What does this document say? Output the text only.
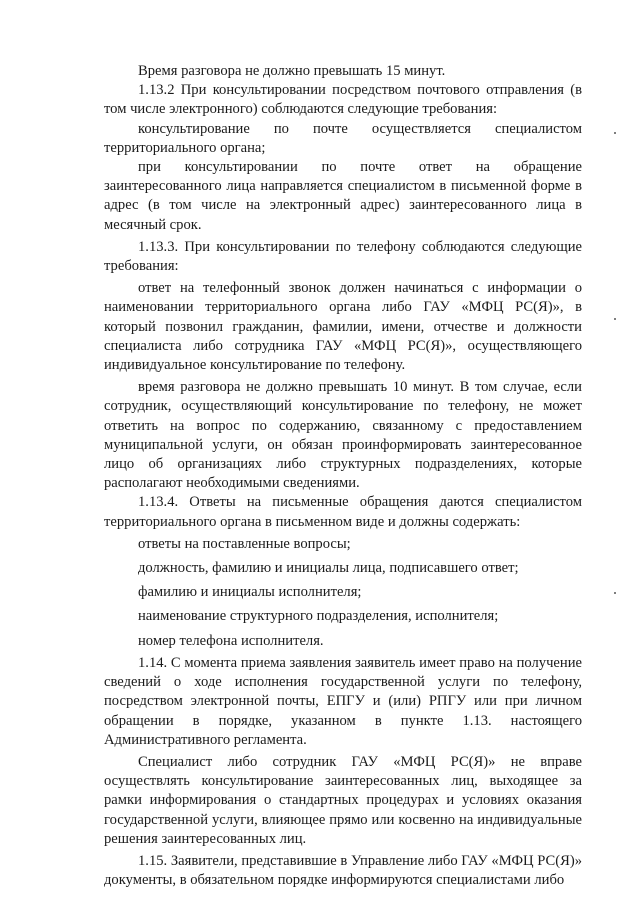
Время разговора не должно превышать 15 минут.

1.13.2 При консультировании посредством почтового отправления (в том числе электронного) соблюдаются следующие требования:

консультирование по почте осуществляется специалистом территориального органа;

при консультировании по почте ответ на обращение заинтересованного лица направляется специалистом в письменной форме в адрес (в том числе на электронный адрес) заинтересованного лица в месячный срок.

1.13.3. При консультировании по телефону соблюдаются следующие требования:

ответ на телефонный звонок должен начинаться с информации о наименовании территориального органа либо ГАУ «МФЦ РС(Я)», в который позвонил гражданин, фамилии, имени, отчестве и должности специалиста либо сотрудника ГАУ «МФЦ РС(Я)», осуществляющего индивидуальное консультирование по телефону.

время разговора не должно превышать 10 минут. В том случае, если сотрудник, осуществляющий консультирование по телефону, не может ответить на вопрос по содержанию, связанному с предоставлением муниципальной услуги, он обязан проинформировать заинтересованное лицо об организациях либо структурных подразделениях, которые располагают необходимыми сведениями.

1.13.4. Ответы на письменные обращения даются специалистом территориального органа в письменном виде и должны содержать:

ответы на поставленные вопросы;

должность, фамилию и инициалы лица, подписавшего ответ;

фамилию и инициалы исполнителя;

наименование структурного подразделения, исполнителя;

номер телефона исполнителя.

1.14. С момента приема заявления заявитель имеет право на получение сведений о ходе исполнения государственной услуги по телефону, посредством электронной почты, ЕПГУ и (или) РПГУ или при личном обращении в порядке, указанном в пункте 1.13. настоящего Административного регламента.

Специалист либо сотрудник ГАУ «МФЦ РС(Я)» не вправе осуществлять консультирование заинтересованных лиц, выходящее за рамки информирования о стандартных процедурах и условиях оказания государственной услуги, влияющее прямо или косвенно на индивидуальные решения заинтересованных лиц.

1.15. Заявители, представившие в Управление либо ГАУ «МФЦ РС(Я)» документы, в обязательном порядке информируются специалистами либо
